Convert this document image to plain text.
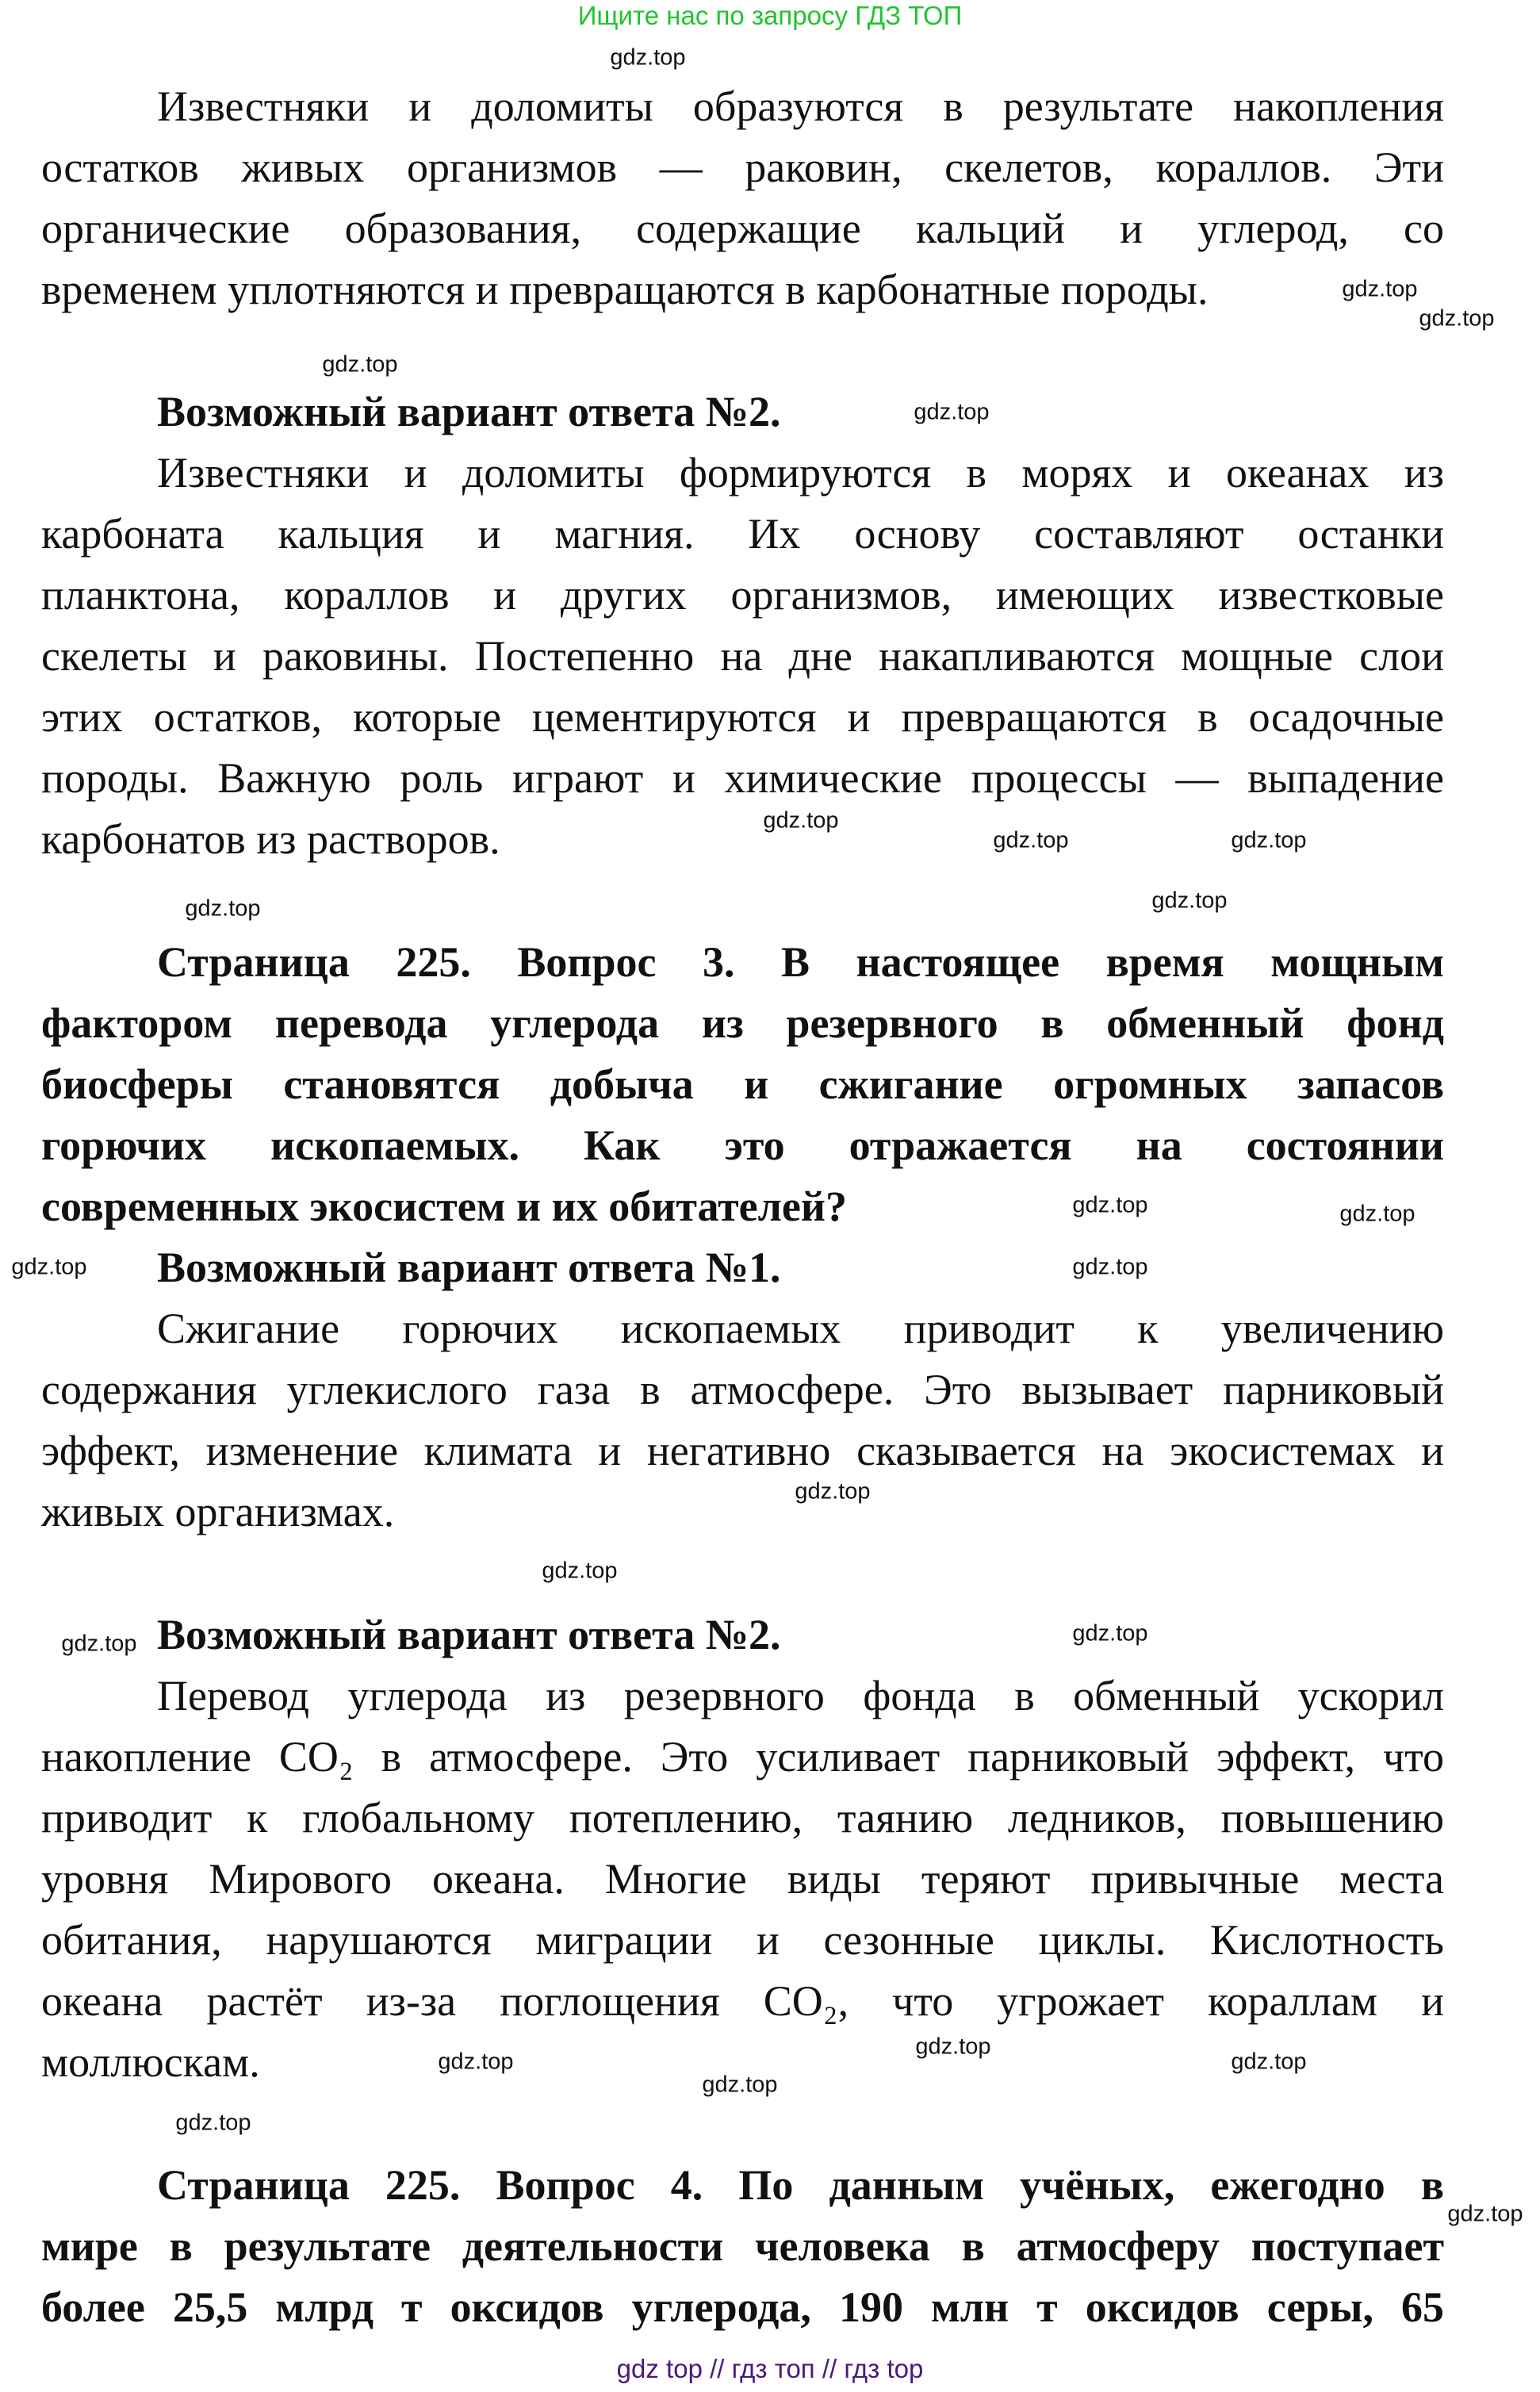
Ищите нас по запросу ГДЗ ТОП
Известняки и доломиты образуются в результате накопления
остатков живых организмов — раковин, скелетов, кораллов. Эти
органические образования, содержащие кальций и углерод, со
временем уплотняются и превращаются в карбонатные породы.
Возможный вариант ответа №2.
Известняки и доломиты формируются в морях и океанах из
карбоната кальция и магния. Их основу составляют останки
планктона, кораллов и других организмов, имеющих известковые
скелеты и раковины. Постепенно на дне накапливаются мощные слои
этих остатков, которые цементируются и превращаются в осадочные
породы. Важную роль играют и химические процессы — выпадение
карбонатов из растворов.
Страница 225. Вопрос 3. В настоящее время мощным
фактором перевода углерода из резервного в обменный фонд
биосферы становятся добыча и сжигание огромных запасов
горючих ископаемых. Как это отражается на состоянии
современных экосистем и их обитателей?
Возможный вариант ответа №1.
Сжигание горючих ископаемых приводит к увеличению
содержания углекислого газа в атмосфере. Это вызывает парниковый
эффект, изменение климата и негативно сказывается на экосистемах и
живых организмах.
Возможный вариант ответа №2.
Перевод углерода из резервного фонда в обменный ускорил
накопление CO₂ в атмосфере. Это усиливает парниковый эффект, что
приводит к глобальному потеплению, таянию ледников, повышению
уровня Мирового океана. Многие виды теряют привычные места
обитания, нарушаются миграции и сезонные циклы. Кислотность
океана растёт из-за поглощения CO₂, что угрожает кораллам и
моллюскам.
Страница 225. Вопрос 4. По данным учёных, ежегодно в
мире в результате деятельности человека в атмосферу поступает
более 25,5 млрд т оксидов углерода, 190 млн т оксидов серы, 65
gdz top // гдз топ // гдз top
gdz.top
gdz.top
gdz.top
gdz.top
gdz.top
gdz.top
gdz.top
gdz.top
gdz.top
gdz.top
gdz.top
gdz.top
gdz.top
gdz.top
gdz.top
gdz.top
gdz.top	gdz.top
gdz.top	gdz.top
gdz.top
gdz.top
gdz.top
gdz.top
